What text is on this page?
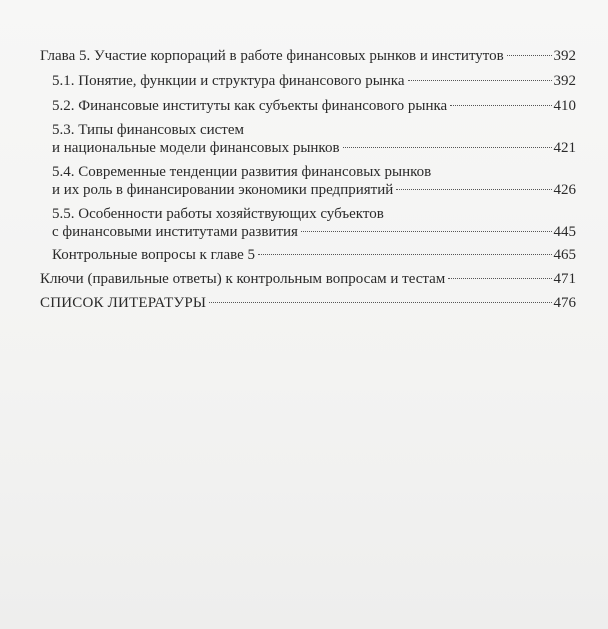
Глава 5. Участие корпораций в работе финансовых рынков и институтов	392
5.1. Понятие, функции и структура финансового рынка	392
5.2. Финансовые институты как субъекты финансового рынка	410
5.3. Типы финансовых систем
и национальные модели финансовых рынков	421
5.4. Современные тенденции развития финансовых рынков
и их роль в финансировании экономики предприятий	426
5.5. Особенности работы хозяйствующих субъектов
с финансовыми институтами развития	445
Контрольные вопросы к главе 5	465
Ключи (правильные ответы) к контрольным вопросам и тестам	471
СПИСОК ЛИТЕРАТУРЫ	476
